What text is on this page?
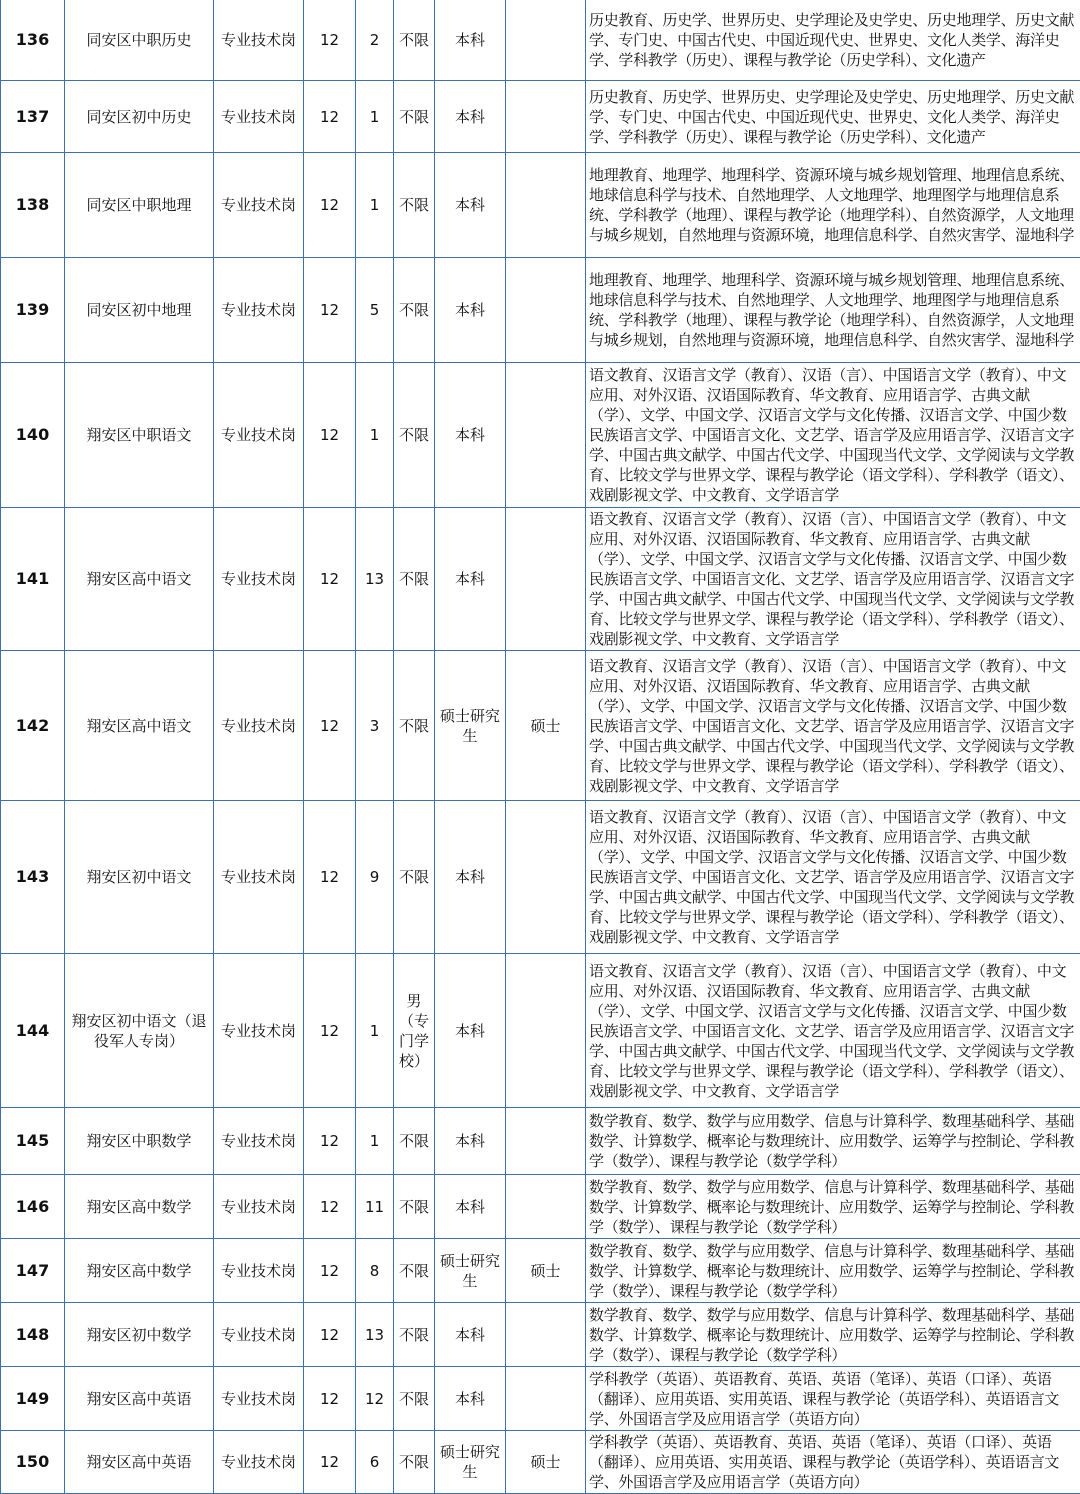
136	同安区中职历史	专业技术岗	12	2	不限	本科		历史教育、历史学、世界历史、史学理论及史学史、历史地理学、历史文献学、专门史、中国古代史、中国近现代史、世界史、文化人类学、海洋史学、学科教学（历史）、课程与教学论（历史学科）、文化遗产
137	同安区初中历史	专业技术岗	12	1	不限	本科		历史教育、历史学、世界历史、史学理论及史学史、历史地理学、历史文献学、专门史、中国古代史、中国近现代史、世界史、文化人类学、海洋史学、学科教学（历史）、课程与教学论（历史学科）、文化遗产
138	同安区中职地理	专业技术岗	12	1	不限	本科		地理教育、地理学、地理科学、资源环境与城乡规划管理、地理信息系统、地球信息科学与技术、自然地理学、人文地理学、地理图学与地理信息系统、学科教学（地理）、课程与教学论（地理学科）、自然资源学，人文地理与城乡规划，自然地理与资源环境，地理信息科学、自然灾害学、湿地科学
139	同安区初中地理	专业技术岗	12	5	不限	本科		地理教育、地理学、地理科学、资源环境与城乡规划管理、地理信息系统、地球信息科学与技术、自然地理学、人文地理学、地理图学与地理信息系统、学科教学（地理）、课程与教学论（地理学科）、自然资源学，人文地理与城乡规划，自然地理与资源环境，地理信息科学、自然灾害学、湿地科学
140	翔安区中职语文	专业技术岗	12	1	不限	本科		语文教育、汉语言文学（教育）、汉语（言）、中国语言文学（教育）、中文应用、对外汉语、汉语国际教育、华文教育、应用语言学、古典文献（学）、文学、中国文学、汉语言文学与文化传播、汉语言文学、中国少数民族语言文学、中国语言文化、文艺学、语言学及应用语言学、汉语言文字学、中国古典文献学、中国古代文学、中国现当代文学、文学阅读与文学教育、比较文学与世界文学、课程与教学论（语文学科）、学科教学（语文）、戏剧影视文学、中文教育、文学语言学
141	翔安区高中语文	专业技术岗	12	13	不限	本科		语文教育、汉语言文学（教育）、汉语（言）、中国语言文学（教育）、中文应用、对外汉语、汉语国际教育、华文教育、应用语言学、古典文献（学）、文学、中国文学、汉语言文学与文化传播、汉语言文学、中国少数民族语言文学、中国语言文化、文艺学、语言学及应用语言学、汉语言文字学、中国古典文献学、中国古代文学、中国现当代文学、文学阅读与文学教育、比较文学与世界文学、课程与教学论（语文学科）、学科教学（语文）、戏剧影视文学、中文教育、文学语言学
142	翔安区高中语文	专业技术岗	12	3	不限	硕士研究生	硕士	语文教育、汉语言文学（教育）、汉语（言）、中国语言文学（教育）、中文应用、对外汉语、汉语国际教育、华文教育、应用语言学、古典文献（学）、文学、中国文学、汉语言文学与文化传播、汉语言文学、中国少数民族语言文学、中国语言文化、文艺学、语言学及应用语言学、汉语言文字学、中国古典文献学、中国古代文学、中国现当代文学、文学阅读与文学教育、比较文学与世界文学、课程与教学论（语文学科）、学科教学（语文）、戏剧影视文学、中文教育、文学语言学
143	翔安区初中语文	专业技术岗	12	9	不限	本科		语文教育、汉语言文学（教育）、汉语（言）、中国语言文学（教育）、中文应用、对外汉语、汉语国际教育、华文教育、应用语言学、古典文献（学）、文学、中国文学、汉语言文学与文化传播、汉语言文学、中国少数民族语言文学、中国语言文化、文艺学、语言学及应用语言学、汉语言文字学、中国古典文献学、中国古代文学、中国现当代文学、文学阅读与文学教育、比较文学与世界文学、课程与教学论（语文学科）、学科教学（语文）、戏剧影视文学、中文教育、文学语言学
144	翔安区初中语文（退役军人专岗）	专业技术岗	12	1	男（专门学校）	本科		语文教育、汉语言文学（教育）、汉语（言）、中国语言文学（教育）、中文应用、对外汉语、汉语国际教育、华文教育、应用语言学、古典文献（学）、文学、中国文学、汉语言文学与文化传播、汉语言文学、中国少数民族语言文学、中国语言文化、文艺学、语言学及应用语言学、汉语言文字学、中国古典文献学、中国古代文学、中国现当代文学、文学阅读与文学教育、比较文学与世界文学、课程与教学论（语文学科）、学科教学（语文）、戏剧影视文学、中文教育、文学语言学
145	翔安区中职数学	专业技术岗	12	1	不限	本科		数学教育、数学、数学与应用数学、信息与计算科学、数理基础科学、基础数学、计算数学、概率论与数理统计、应用数学、运筹学与控制论、学科教学（数学）、课程与教学论（数学学科）
146	翔安区高中数学	专业技术岗	12	11	不限	本科		数学教育、数学、数学与应用数学、信息与计算科学、数理基础科学、基础数学、计算数学、概率论与数理统计、应用数学、运筹学与控制论、学科教学（数学）、课程与教学论（数学学科）
147	翔安区高中数学	专业技术岗	12	8	不限	硕士研究生	硕士	数学教育、数学、数学与应用数学、信息与计算科学、数理基础科学、基础数学、计算数学、概率论与数理统计、应用数学、运筹学与控制论、学科教学（数学）、课程与教学论（数学学科）
148	翔安区初中数学	专业技术岗	12	13	不限	本科		数学教育、数学、数学与应用数学、信息与计算科学、数理基础科学、基础数学、计算数学、概率论与数理统计、应用数学、运筹学与控制论、学科教学（数学）、课程与教学论（数学学科）
149	翔安区高中英语	专业技术岗	12	12	不限	本科		学科教学（英语）、英语教育、英语、英语（笔译）、英语（口译）、英语（翻译）、应用英语、实用英语、课程与教学论（英语学科）、英语语言文学、外国语言学及应用语言学（英语方向）
150	翔安区高中英语	专业技术岗	12	6	不限	硕士研究生	硕士	学科教学（英语）、英语教育、英语、英语（笔译）、英语（口译）、英语（翻译）、应用英语、实用英语、课程与教学论（英语学科）、英语语言文学、外国语言学及应用语言学（英语方向）
